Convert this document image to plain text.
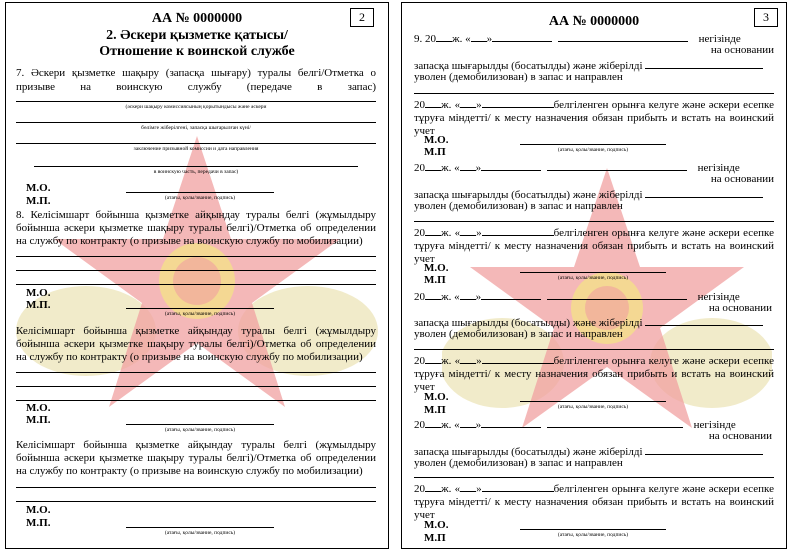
2
АА № 0000000
2. Әскери қызметке қатысы/
Отношение к воинской службе
7. Әскери қызметке шақыру (запасқа шығару) туралы белгі/Отметка о
призыве на воинскую службу (передаче в запас)
(әскери шақыру комиссиясының қорытындысы және әскери
бөлімге жіберілгені, запасқа шығарылған күні/
заключение призывной комиссии и дата направления
в воинскую часть, передачи в запас)
М.О.
М.П.	(атағы, қолы/звание, подпись)
8. Келісімшарт бойынша қызметке айқындау туралы белгі (жұмылдыру бойынша әскери қызметке шақыру туралы белгі)/Отметка об определении на службу по контракту (о призыве на воинскую службу по мобилизации)
М.О.
М.П.
(атағы, қолы/звание, подпись)
Келісімшарт бойынша қызметке айқындау туралы белгі (жұмылдыру бойынша әскери қызметке шақыру туралы белгі)/Отметка об определении на службу по контракту (о призыве на воинскую службу по мобилизации)
М.О.
М.П.
(атағы, қолы/звание, подпись)
Келісімшарт бойынша қызметке айқындау туралы белгі (жұмылдыру бойынша әскери қызметке шақыру туралы белгі)/Отметка об определении на службу по контракту (о призыве на воинскую службу по мобилизации)
М.О.
М.П.
(атағы, қолы/звание, подпись)
3
АА № 0000000
9. 20 ж. « »	негізінде
на основании
запасқа шығарылды (босатылды) және жіберілді
уволен (демобилизован) в запас и направлен
20 ж. « »	белгіленген орынға келуге және әскери есепке тұруға міндетті/ к месту назначения обязан прибыть и встать на воинский учет
М.О.
М.П	(атағы, қолы/звание, подпись)
20 ж. « »	негізінде
на основании
запасқа шығарылды (босатылды) және жіберілді
уволен (демобилизован) в запас и направлен
20 ж. « »	белгіленген орынға келуге және әскери есепке тұруға міндетті/ к месту назначения обязан прибыть и встать на воинский учет
М.О.
М.П	(атағы, қолы/звание, подпись)
20 ж. « »	негізінде
на основании
запасқа шығарылды (босатылды) және жіберілді
уволен (демобилизован) в запас и направлен
20 ж. « »	белгіленген орынға келуге және әскери есепке тұруға міндетті/ к месту назначения обязан прибыть и встать на воинский учет
М.О.
М.П	(атағы, қолы/звание, подпись)
20 ж. « »	негізінде
на основании
запасқа шығарылды (босатылды) және жіберілді
уволен (демобилизован) в запас и направлен
20 ж. « »	белгіленген орынға келуге және әскери есепке тұруға міндетті/ к месту назначения обязан прибыть и встать на воинский учет
М.О.
М.П	(атағы, қолы/звание, подпись)
